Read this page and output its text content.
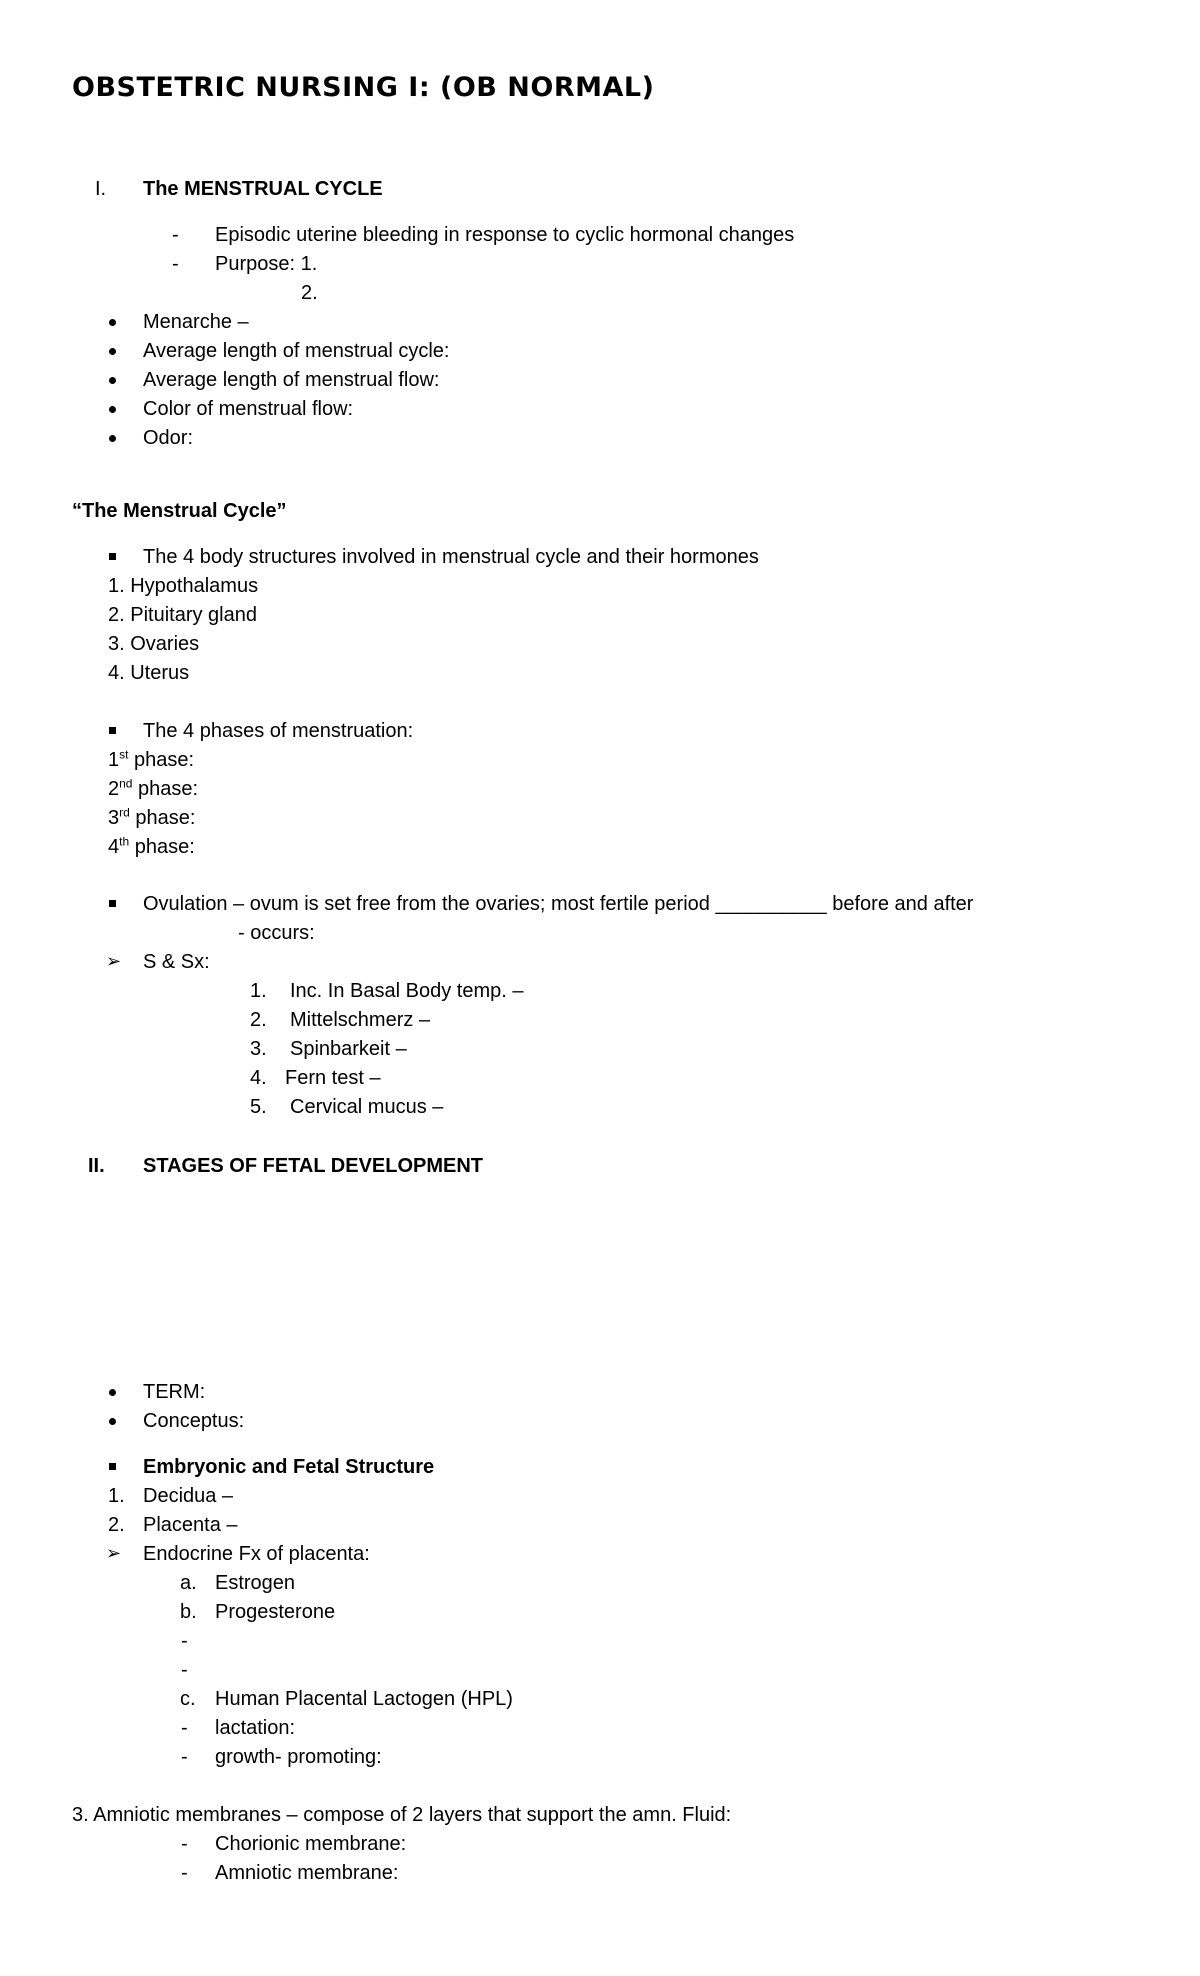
OBSTETRIC NURSING I: (OB NORMAL)
I. The MENSTRUAL CYCLE
- Episodic uterine bleeding in response to cyclic hormonal changes
- Purpose: 1.
2.
Menarche –
Average length of menstrual cycle:
Average length of menstrual flow:
Color of menstrual flow:
Odor:
“The Menstrual Cycle”
The 4 body structures involved in menstrual cycle and their hormones
1. Hypothalamus
2. Pituitary gland
3. Ovaries
4. Uterus
The 4 phases of menstruation:
1st phase:
2nd phase:
3rd phase:
4th phase:
Ovulation – ovum is set free from the ovaries; most fertile period __________ before and after
- occurs:
➢ S & Sx:
1. Inc. In Basal Body temp. –
2. Mittelschmerz –
3. Spinbarkeit –
4. Fern test –
5. Cervical mucus –
II. STAGES OF FETAL DEVELOPMENT
TERM:
Conceptus:
Embryonic and Fetal Structure
1. Decidua –
2. Placenta –
➢ Endocrine Fx of placenta:
a. Estrogen
b. Progesterone
-
-
c. Human Placental Lactogen (HPL)
- lactation:
- growth- promoting:
3. Amniotic membranes – compose of 2 layers that support the amn. Fluid:
- Chorionic membrane:
- Amniotic membrane:
